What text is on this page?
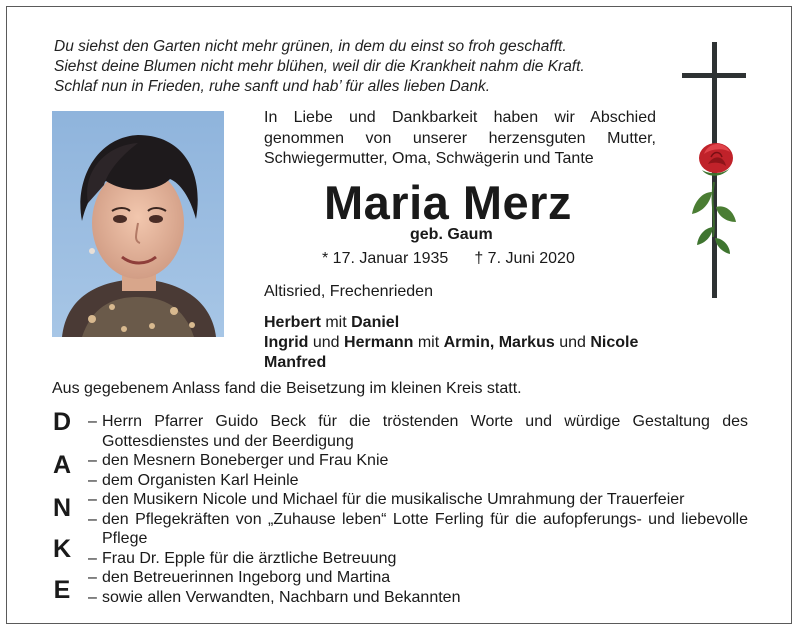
Du siehst den Garten nicht mehr grünen, in dem du einst so froh geschafft.
Siehst deine Blumen nicht mehr blühen, weil dir die Krankheit nahm die Kraft.
Schlaf nun in Frieden, ruhe sanft und hab’ für alles lieben Dank.
In Liebe und Dankbarkeit haben wir Abschied
genommen von unserer herzensguten Mutter,
Schwiegermutter, Oma, Schwägerin und Tante
Maria Merz
geb. Gaum
* 17. Januar 1935 † 7. Juni 2020
Altisried, Frechenrieden
Herbert mit Daniel
Ingrid und Hermann mit Armin, Markus und Nicole
Manfred
Aus gegebenem Anlass fand die Beisetzung im kleinen Kreis statt.
D
A
N
K
E
– Herrn Pfarrer Guido Beck für die tröstenden Worte und würdige Gestaltung des Gottesdienstes und der Beerdigung
– den Mesnern Boneberger und Frau Knie
– dem Organisten Karl Heinle
– den Musikern Nicole und Michael für die musikalische Umrahmung der Trauerfeier
– den Pflegekräften von „Zuhause leben“ Lotte Ferling für die aufopferungs- und liebevolle Pflege
– Frau Dr. Epple für die ärztliche Betreuung
– den Betreuerinnen Ingeborg und Martina
– sowie allen Verwandten, Nachbarn und Bekannten
